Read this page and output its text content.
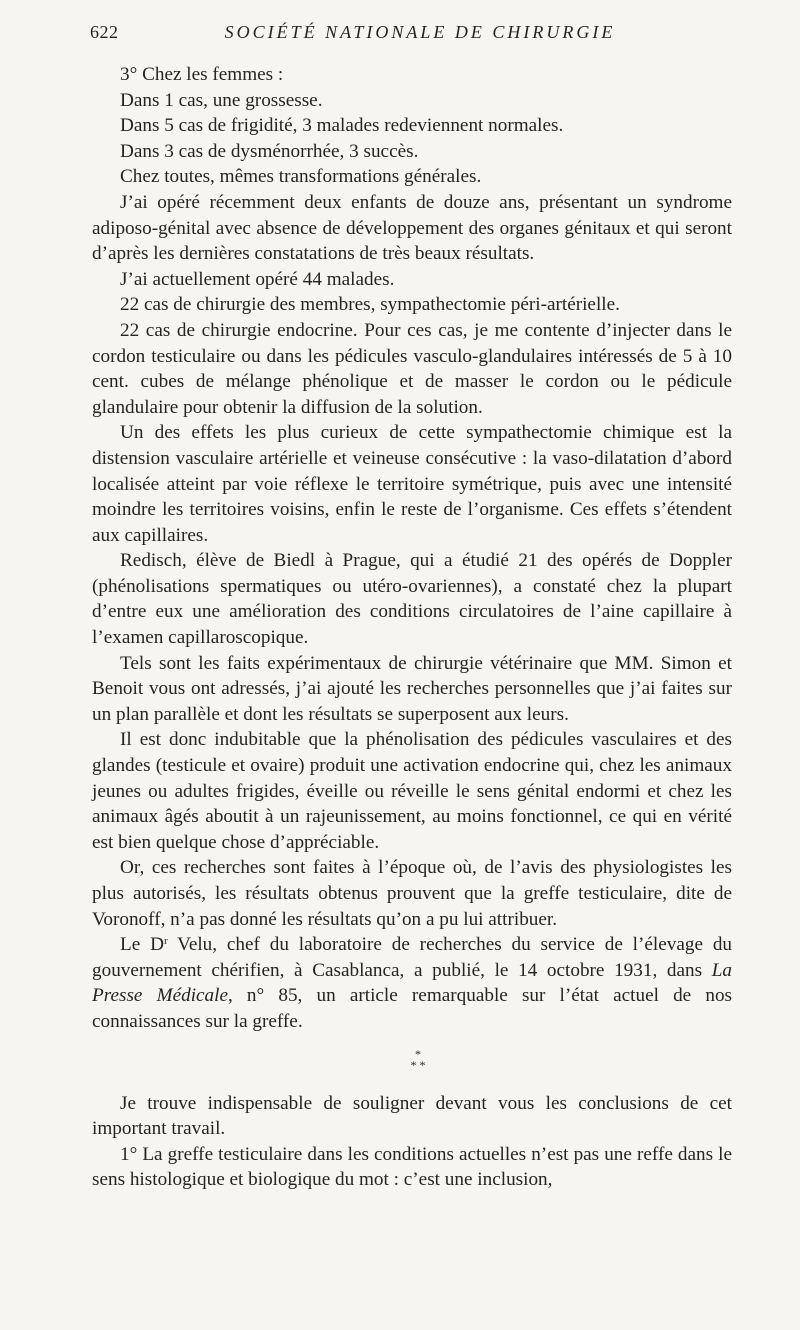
622	SOCIÉTÉ NATIONALE DE CHIRURGIE

3° Chez les femmes :

Dans 1 cas, une grossesse.

Dans 5 cas de frigidité, 3 malades redeviennent normales.

Dans 3 cas de dysménorrhée, 3 succès.

Chez toutes, mêmes transformations générales.

J’ai opéré récemment deux enfants de douze ans, présentant un syndrome adiposo-génital avec absence de développement des organes génitaux et qui seront d’après les dernières constatations de très beaux résultats.

J’ai actuellement opéré 44 malades.

22 cas de chirurgie des membres, sympathectomie péri-artérielle.

22 cas de chirurgie endocrine. Pour ces cas, je me contente d’injecter dans le cordon testiculaire ou dans les pédicules vasculo-glandulaires intéressés de 5 à 10 cent. cubes de mélange phénolique et de masser le cordon ou le pédicule glandulaire pour obtenir la diffusion de la solution.

Un des effets les plus curieux de cette sympathectomie chimique est la distension vasculaire artérielle et veineuse consécutive : la vaso-dilatation d’abord localisée atteint par voie réflexe le territoire symétrique, puis avec une intensité moindre les territoires voisins, enfin le reste de l’organisme. Ces effets s’étendent aux capillaires.

Redisch, élève de Biedl à Prague, qui a étudié 21 des opérés de Doppler (phénolisations spermatiques ou utéro-ovariennes), a constaté chez la plupart d’entre eux une amélioration des conditions circulatoires de l’aine capillaire à l’examen capillaroscopique.

Tels sont les faits expérimentaux de chirurgie vétérinaire que MM. Simon et Benoit vous ont adressés, j’ai ajouté les recherches personnelles que j’ai faites sur un plan parallèle et dont les résultats se superposent aux leurs.

Il est donc indubitable que la phénolisation des pédicules vasculaires et des glandes (testicule et ovaire) produit une activation endocrine qui, chez les animaux jeunes ou adultes frigides, éveille ou réveille le sens génital endormi et chez les animaux âgés aboutit à un rajeunissement, au moins fonctionnel, ce qui en vérité est bien quelque chose d’appréciable.

Or, ces recherches sont faites à l’époque où, de l’avis des physiologistes les plus autorisés, les résultats obtenus prouvent que la greffe testiculaire, dite de Voronoff, n’a pas donné les résultats qu’on a pu lui attribuer.

Le $D^r$ Velu, chef du laboratoire de recherches du service de l’élevage du gouvernement chérifien, à Casablanca, a publié, le 14 octobre 1931, dans La Presse Médicale, n° 85, un article remarquable sur l’état actuel de nos connaissances sur la greffe.

*
* *

Je trouve indispensable de souligner devant vous les conclusions de cet important travail.

1° La greffe testiculaire dans les conditions actuelles n’est pas une reffe dans le sens histologique et biologique du mot : c’est une inclusion,
